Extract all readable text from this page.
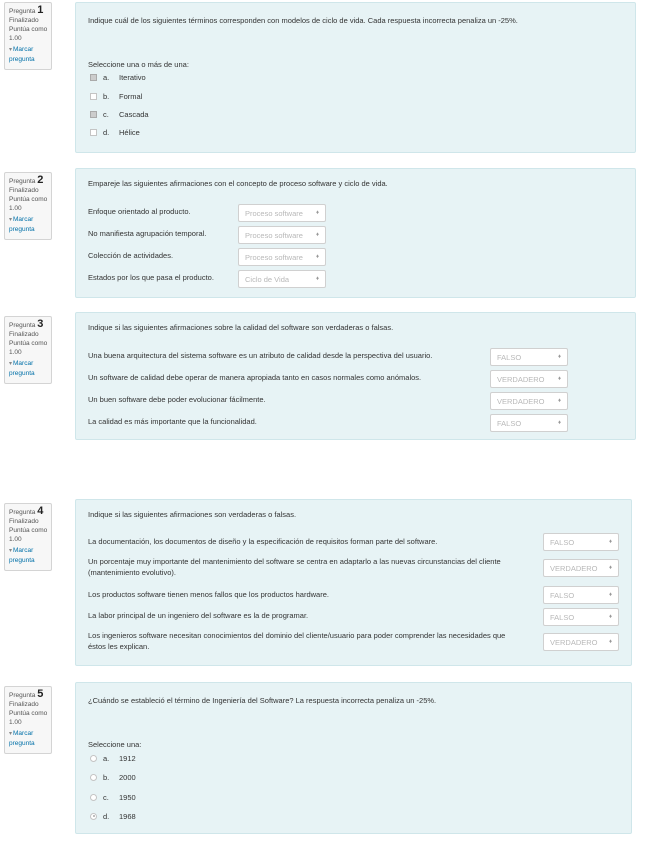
Pregunta 1
Finalizado
Puntúa como 1.00
▾Marcar pregunta
Indique cuál de los siguientes términos corresponden con modelos de ciclo de vida. Cada respuesta incorrecta penaliza un -25%.
Seleccione una o más de una:
a.	Iterativo
b.	Formal
c.	Cascada
d.	Hélice
Pregunta 2
Finalizado
Puntúa como 1.00
▾Marcar pregunta
Empareje las siguientes afirmaciones con el concepto de proceso software y ciclo de vida.
Enfoque orientado al producto.	Proceso software ♦
No manifiesta agrupación temporal.	Proceso software ♦
Colección de actividades.	Proceso software ♦
Estados por los que pasa el producto.	Ciclo de Vida	♦
Pregunta 3
Finalizado
Puntúa como 1.00
▾Marcar pregunta
Indique si las siguientes afirmaciones sobre la calidad del software son verdaderas o falsas.
Una buena arquitectura del sistema software es un atributo de calidad desde la perspectiva del usuario.	FALSO	♦
Un software de calidad debe operar de manera apropiada tanto en casos normales como anómalos.	VERDADERO ♦
Un buen software debe poder evolucionar fácilmente.	VERDADERO ♦
La calidad es más importante que la funcionalidad.	FALSO	♦
Pregunta 4
Finalizado
Puntúa como 1.00
▾Marcar pregunta
Indique si las siguientes afirmaciones son verdaderas o falsas.
La documentación, los documentos de diseño y la especificación de requisitos forman parte del software.	FALSO	♦
Un porcentaje muy importante del mantenimiento del software se centra en adaptarlo a las nuevas circunstancias del cliente (mantenimiento evolutivo).	VERDADERO ♦
Los productos software tienen menos fallos que los productos hardware.	FALSO	♦
La labor principal de un ingeniero del software es la de programar.	FALSO	♦
Los ingenieros software necesitan conocimientos del dominio del cliente/usuario para poder comprender las necesidades que éstos les explican.	VERDADERO ♦
Pregunta 5
Finalizado
Puntúa como 1.00
▾Marcar pregunta
¿Cuándo se estableció el término de Ingeniería del Software? La respuesta incorrecta penaliza un -25%.
Seleccione una:
a.	1912
b.	2000
c.	1950
d.	1968
